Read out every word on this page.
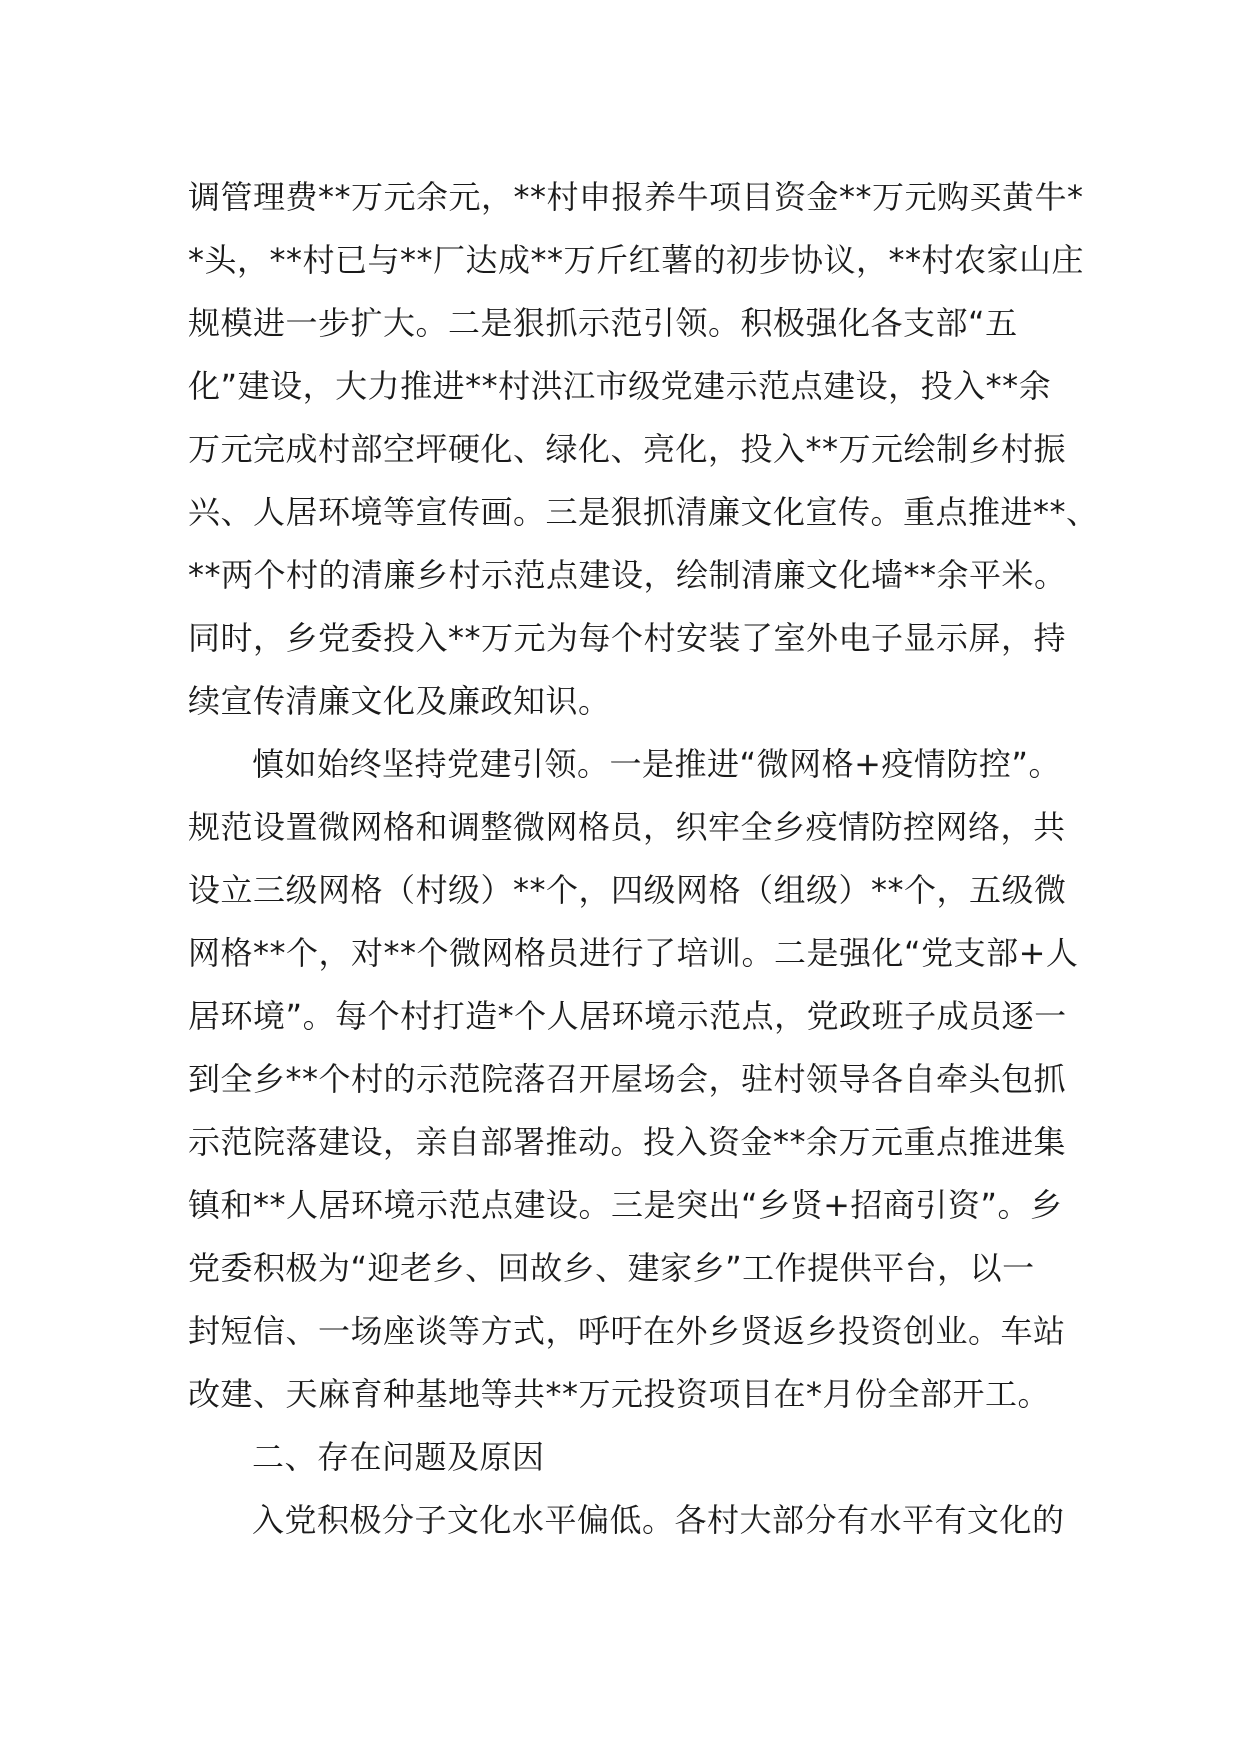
调管理费**万元余元，**村申报养牛项目资金**万元购买黄牛*
*头，**村已与**厂达成**万斤红薯的初步协议，**村农家山庄
规模进一步扩大。二是狠抓示范引领。积极强化各支部“五
化”建设，大力推进**村洪江市级党建示范点建设，投入**余
万元完成村部空坪硬化、绿化、亮化，投入**万元绘制乡村振
兴、人居环境等宣传画。三是狠抓清廉文化宣传。重点推进**、
**两个村的清廉乡村示范点建设，绘制清廉文化墙**余平米。
同时，乡党委投入**万元为每个村安装了室外电子显示屏，持
续宣传清廉文化及廉政知识。
慎如始终坚持党建引领。一是推进“微网格+疫情防控”。
规范设置微网格和调整微网格员，织牢全乡疫情防控网络，共
设立三级网格（村级）**个，四级网格（组级）**个，五级微
网格**个，对**个微网格员进行了培训。二是强化“党支部+人
居环境”。每个村打造*个人居环境示范点，党政班子成员逐一
到全乡**个村的示范院落召开屋场会，驻村领导各自牵头包抓
示范院落建设，亲自部署推动。投入资金**余万元重点推进集
镇和**人居环境示范点建设。三是突出“乡贤+招商引资”。乡
党委积极为“迎老乡、回故乡、建家乡”工作提供平台，以一
封短信、一场座谈等方式，呼吁在外乡贤返乡投资创业。车站
改建、天麻育种基地等共**万元投资项目在*月份全部开工。
二、存在问题及原因
入党积极分子文化水平偏低。各村大部分有水平有文化的
